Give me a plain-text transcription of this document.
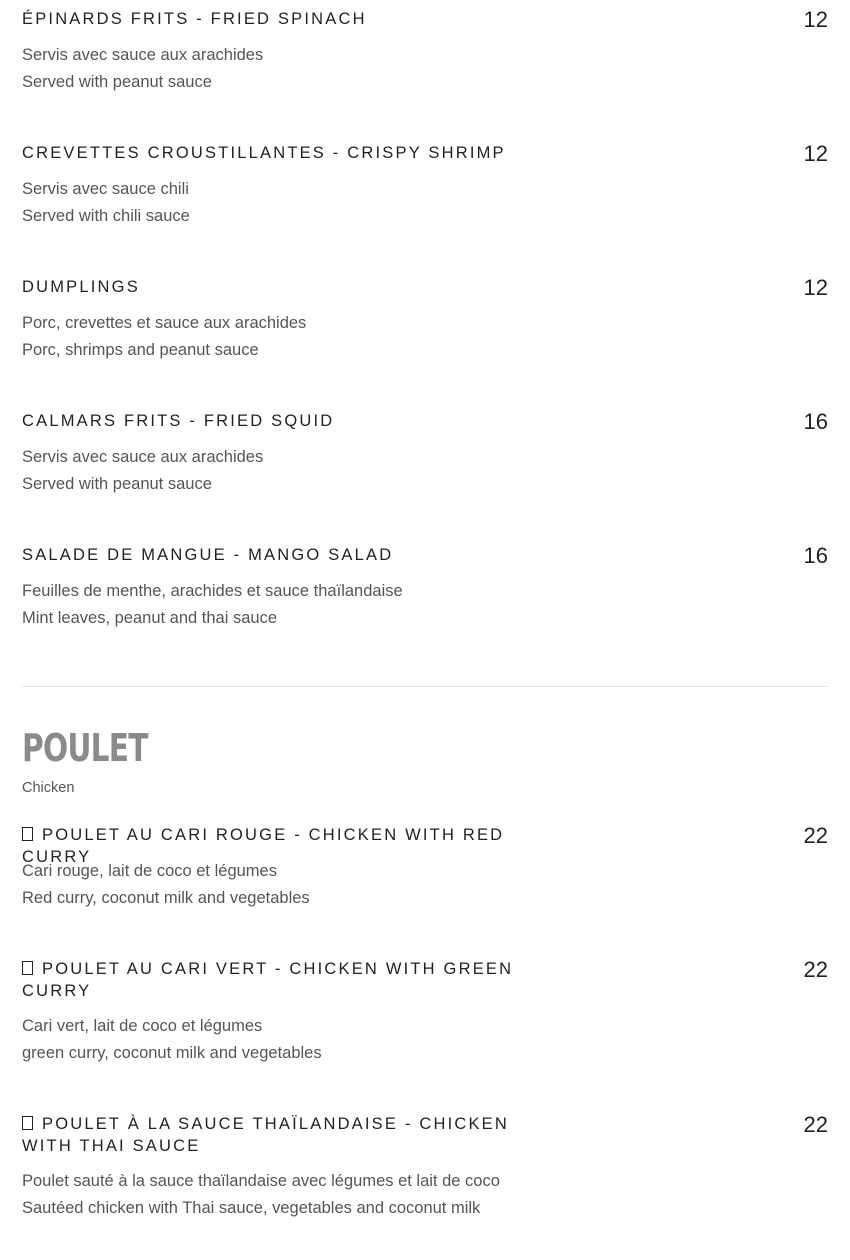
ÉPINARDS FRITS - FRIED SPINACH	12
Servis avec sauce aux arachides
Served with peanut sauce
CREVETTES CROUSTILLANTES - CRISPY SHRIMP	12
Servis avec sauce chili
Served with chili sauce
DUMPLINGS	12
Porc, crevettes et sauce aux arachides
Porc, shrimps and peanut sauce
CALMARS FRITS - FRIED SQUID	16
Servis avec sauce aux arachides
Served with peanut sauce
SALADE DE MANGUE - MANGO SALAD	16
Feuilles de menthe, arachides et sauce thaïlandaise
Mint leaves, peanut and thai sauce
POULET
Chicken
POULET AU CARI ROUGE - CHICKEN WITH RED CURRY
22
Cari rouge, lait de coco et légumes
Red curry, coconut milk and vegetables
POULET AU CARI VERT - CHICKEN WITH GREEN CURRY
22
Cari vert, lait de coco et légumes
green curry, coconut milk and vegetables
POULET À LA SAUCE THAÏLANDAISE - CHICKEN WITH THAI SAUCE
22
Poulet sauté à la sauce thaïlandaise avec légumes et lait de coco
Sautéed chicken with Thai sauce, vegetables and coconut milk
